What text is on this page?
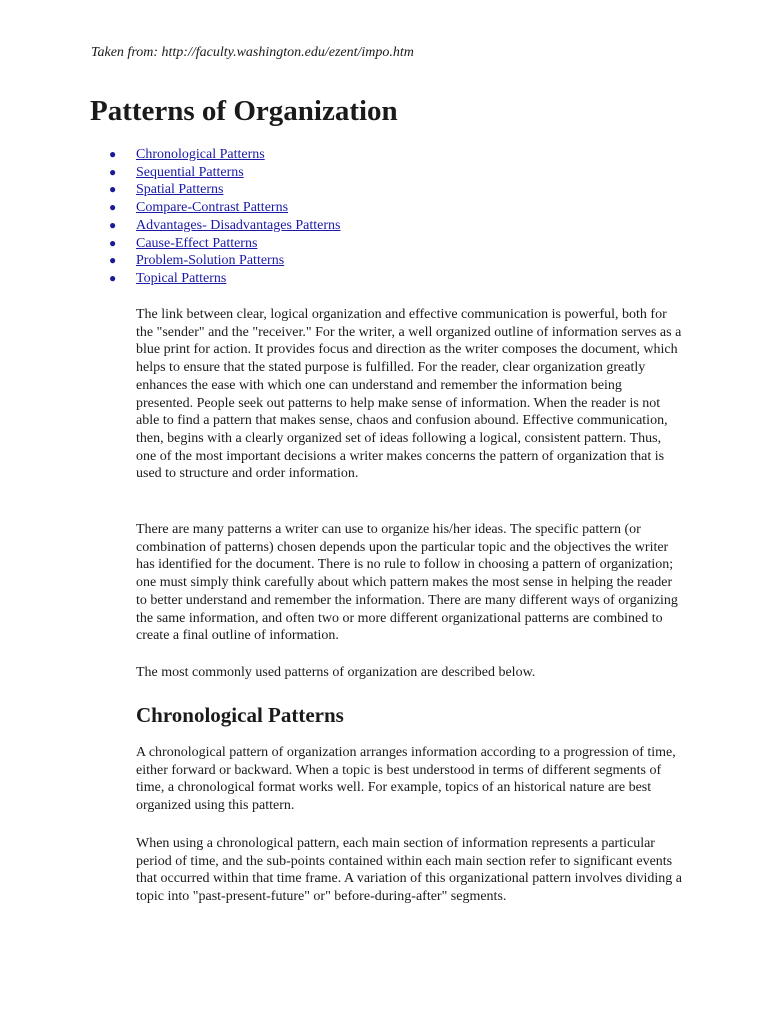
Taken from: http://faculty.washington.edu/ezent/impo.htm

Patterns of Organization
● Chronological Patterns
● Sequential Patterns
● Spatial Patterns
● Compare-Contrast Patterns
● Advantages- Disadvantages Patterns
● Cause-Effect Patterns
● Problem-Solution Patterns
● Topical Patterns

The link between clear, logical organization and effective communication is powerful, both for the "sender" and the "receiver." For the writer, a well organized outline of information serves as a blue print for action. It provides focus and direction as the writer composes the document, which helps to ensure that the stated purpose is fulfilled. For the reader, clear organization greatly enhances the ease with which one can understand and remember the information being presented. People seek out patterns to help make sense of information. When the reader is not able to find a pattern that makes sense, chaos and confusion abound. Effective communication, then, begins with a clearly organized set of ideas following a logical, consistent pattern. Thus, one of the most important decisions a writer makes concerns the pattern of organization that is used to structure and order information.

There are many patterns a writer can use to organize his/her ideas. The specific pattern (or combination of patterns) chosen depends upon the particular topic and the objectives the writer has identified for the document. There is no rule to follow in choosing a pattern of organization; one must simply think carefully about which pattern makes the most sense in helping the reader to better understand and remember the information. There are many different ways of organizing the same information, and often two or more different organizational patterns are combined to create a final outline of information.

The most commonly used patterns of organization are described below.

Chronological Patterns

A chronological pattern of organization arranges information according to a progression of time, either forward or backward. When a topic is best understood in terms of different segments of time, a chronological format works well. For example, topics of an historical nature are best organized using this pattern.

When using a chronological pattern, each main section of information represents a particular period of time, and the sub-points contained within each main section refer to significant events that occurred within that time frame. A variation of this organizational pattern involves dividing a topic into "past-present-future" or" before-during-after" segments.
